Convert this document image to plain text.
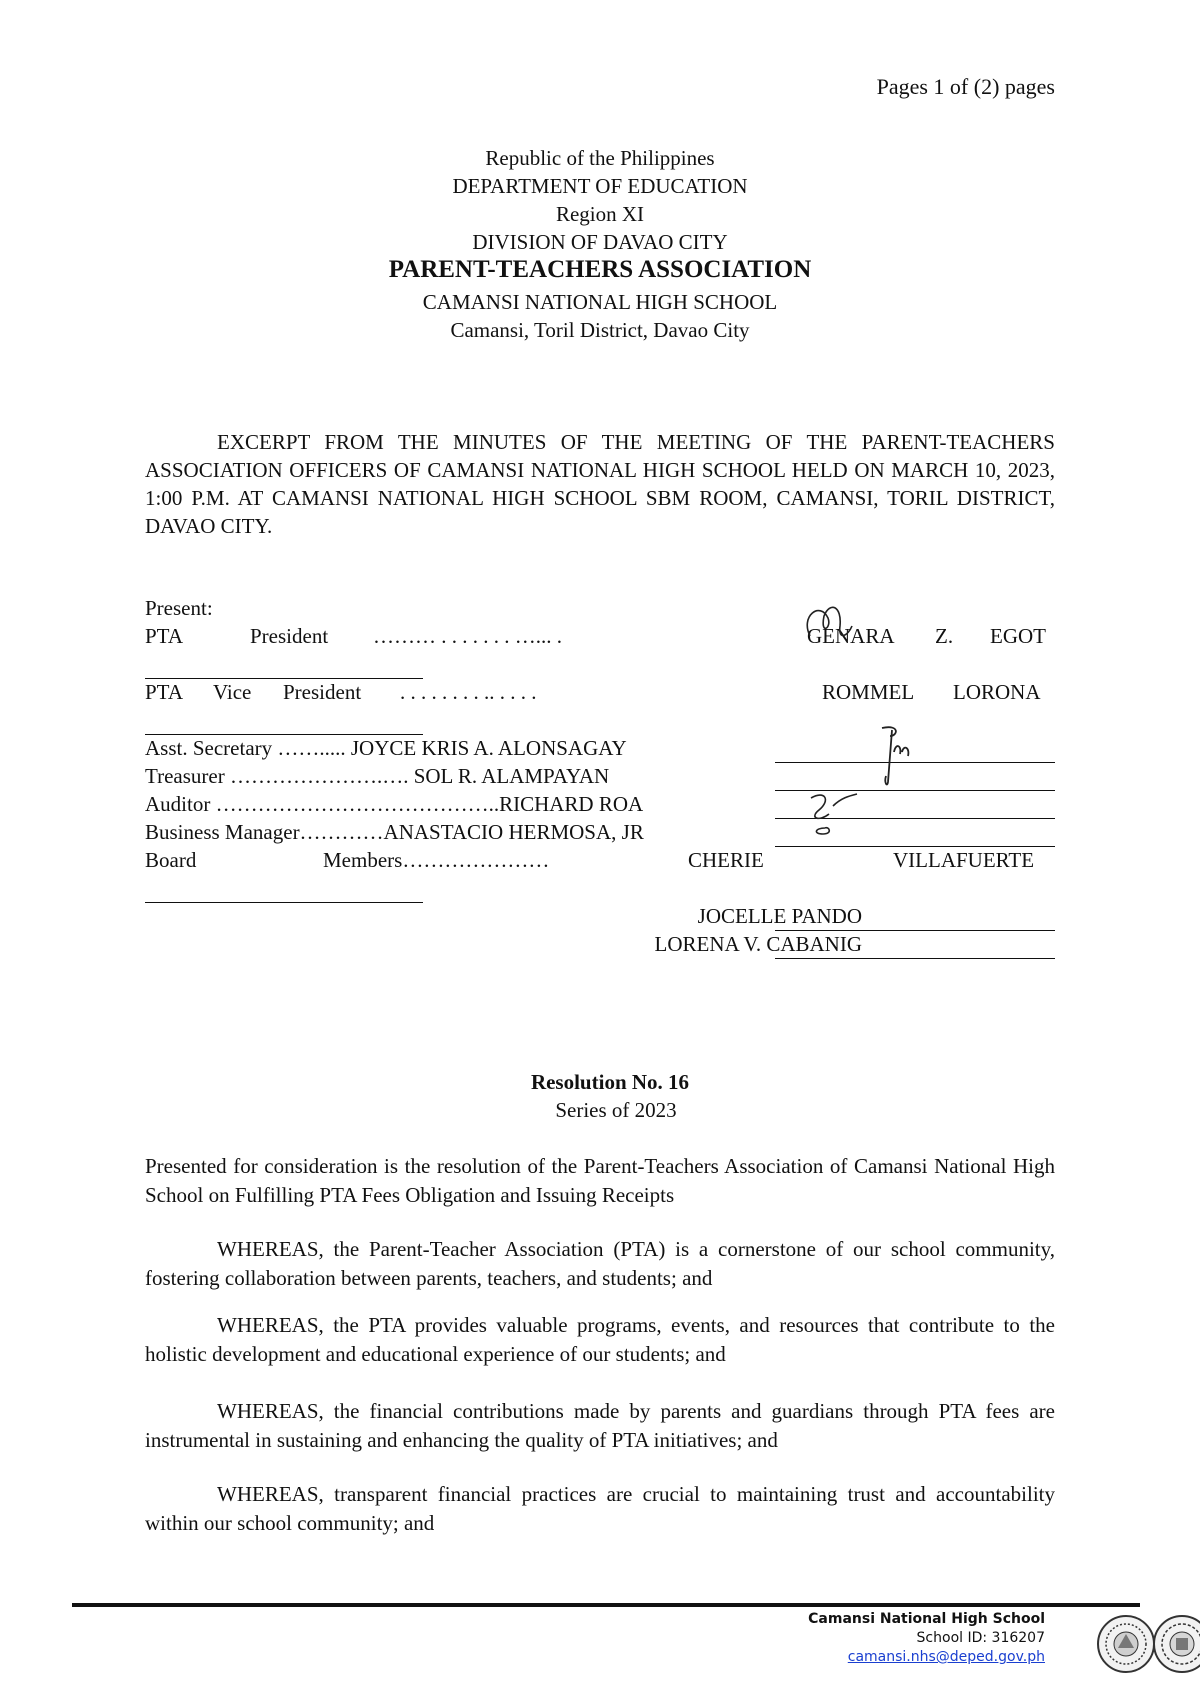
Pages 1 of (2) pages
Republic of the Philippines
DEPARTMENT OF EDUCATION
Region XI
DIVISION OF DAVAO CITY
PARENT-TEACHERS ASSOCIATION
CAMANSI NATIONAL HIGH SCHOOL
Camansi, Toril District, Davao City
EXCERPT FROM THE MINUTES OF THE MEETING OF THE PARENT-TEACHERS ASSOCIATION OFFICERS OF CAMANSI NATIONAL HIGH SCHOOL HELD ON MARCH 10, 2023, 1:00 P.M. AT CAMANSI NATIONAL HIGH SCHOOL SBM ROOM, CAMANSI, TORIL DISTRICT, DAVAO CITY.
Present:
PTA	President ……… . . . . . . . …... .	GENARA Z. EGOT
PTA Vice President . . . . . . . . .. . . . .	ROMMEL LORONA
Asst. Secretary ……..... JOYCE KRIS A. ALONSAGAY
Treasurer ………………….…. SOL R. ALAMPAYAN
Auditor …………………………………..RICHARD ROA
Business Manager…………ANASTACIO HERMOSA, JR
Board	Members…………………	CHERIE	VILLAFUERTE
JOCELLE PANDO
LORENA V. CABANIG
Resolution No. 16
Series of 2023
Presented for consideration is the resolution of the Parent-Teachers Association of Camansi National High School on Fulfilling PTA Fees Obligation and Issuing Receipts
WHEREAS, the Parent-Teacher Association (PTA) is a cornerstone of our school community, fostering collaboration between parents, teachers, and students; and
WHEREAS, the PTA provides valuable programs, events, and resources that contribute to the holistic development and educational experience of our students; and
WHEREAS, the financial contributions made by parents and guardians through PTA fees are instrumental in sustaining and enhancing the quality of PTA initiatives; and
WHEREAS, transparent financial practices are crucial to maintaining trust and accountability within our school community; and
Camansi National High School
School ID: 316207
camansi.nhs@deped.gov.ph
